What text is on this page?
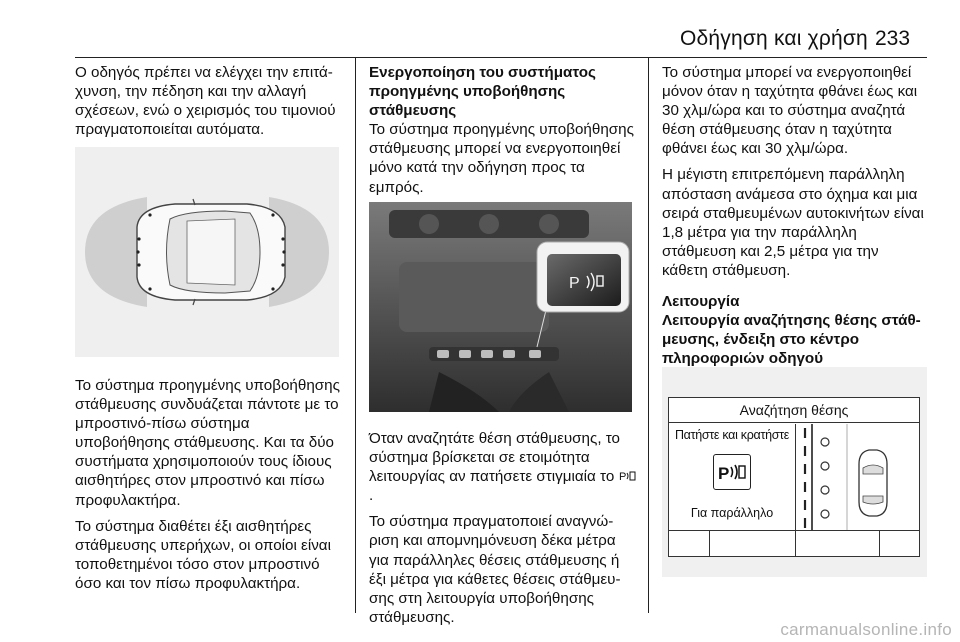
Οδήγηση και χρήση 233

Ο οδηγός πρέπει να ελέγχει την επιτάχυνση, την πέδηση και την αλλαγή σχέσεων, ενώ ο χειρισμός του τιμονιού πραγματοποιείται αυτόματα.

Το σύστημα προηγμένης υποβοήθησης στάθμευσης συνδυάζεται πάντοτε με το μπροστινό-πίσω σύστημα υποβοήθησης στάθμευσης. Και τα δύο συστήματα χρησιμοποιούν τους ίδιους αισθητήρες στον μπροστινό και πίσω προφυλακτήρα.

Το σύστημα διαθέτει έξι αισθητήρες στάθμευσης υπερήχων, οι οποίοι είναι τοποθετημένοι τόσο στον μπροστινό όσο και τον πίσω προφυλακτήρα.

Ενεργοποίηση του συστήματος προηγμένης υποβοήθησης στάθμευσης

Το σύστημα προηγμένης υποβοήθησης στάθμευσης μπορεί να ενεργοποιηθεί μόνο κατά την οδήγηση προς τα εμπρός.

P

Όταν αναζητάτε θέση στάθμευσης, το σύστημα βρίσκεται σε ετοιμότητα λειτουργίας αν πατήσετε στιγμιαία το P
.

Το σύστημα πραγματοποιεί αναγνώριση και απομνημόνευση δέκα μέτρα για παράλληλες θέσεις στάθμευσης ή έξι μέτρα για κάθετες θέσεις στάθμευσης στη λειτουργία υποβοήθησης στάθμευσης.

Το σύστημα μπορεί να ενεργοποιηθεί μόνον όταν η ταχύτητα φθάνει έως και 30 χλμ/ώρα και το σύστημα αναζητά θέση στάθμευσης όταν η ταχύτητα φθάνει έως και 30 χλμ/ώρα.

Η μέγιστη επιτρεπόμενη παράλληλη απόσταση ανάμεσα στο όχημα και μια σειρά σταθμευμένων αυτοκινήτων είναι 1,8 μέτρα για την παράλληλη στάθμευση και 2,5 μέτρα για την κάθετη στάθμευση.

Λειτουργία
Λειτουργία αναζήτησης θέσης στάθμευσης, ένδειξη στο κέντρο πληροφοριών οδηγού
Αναζήτηση θέσης
Πατήστε και κρατήστε
P
Για παράλληλο
carmanualsonline.info
